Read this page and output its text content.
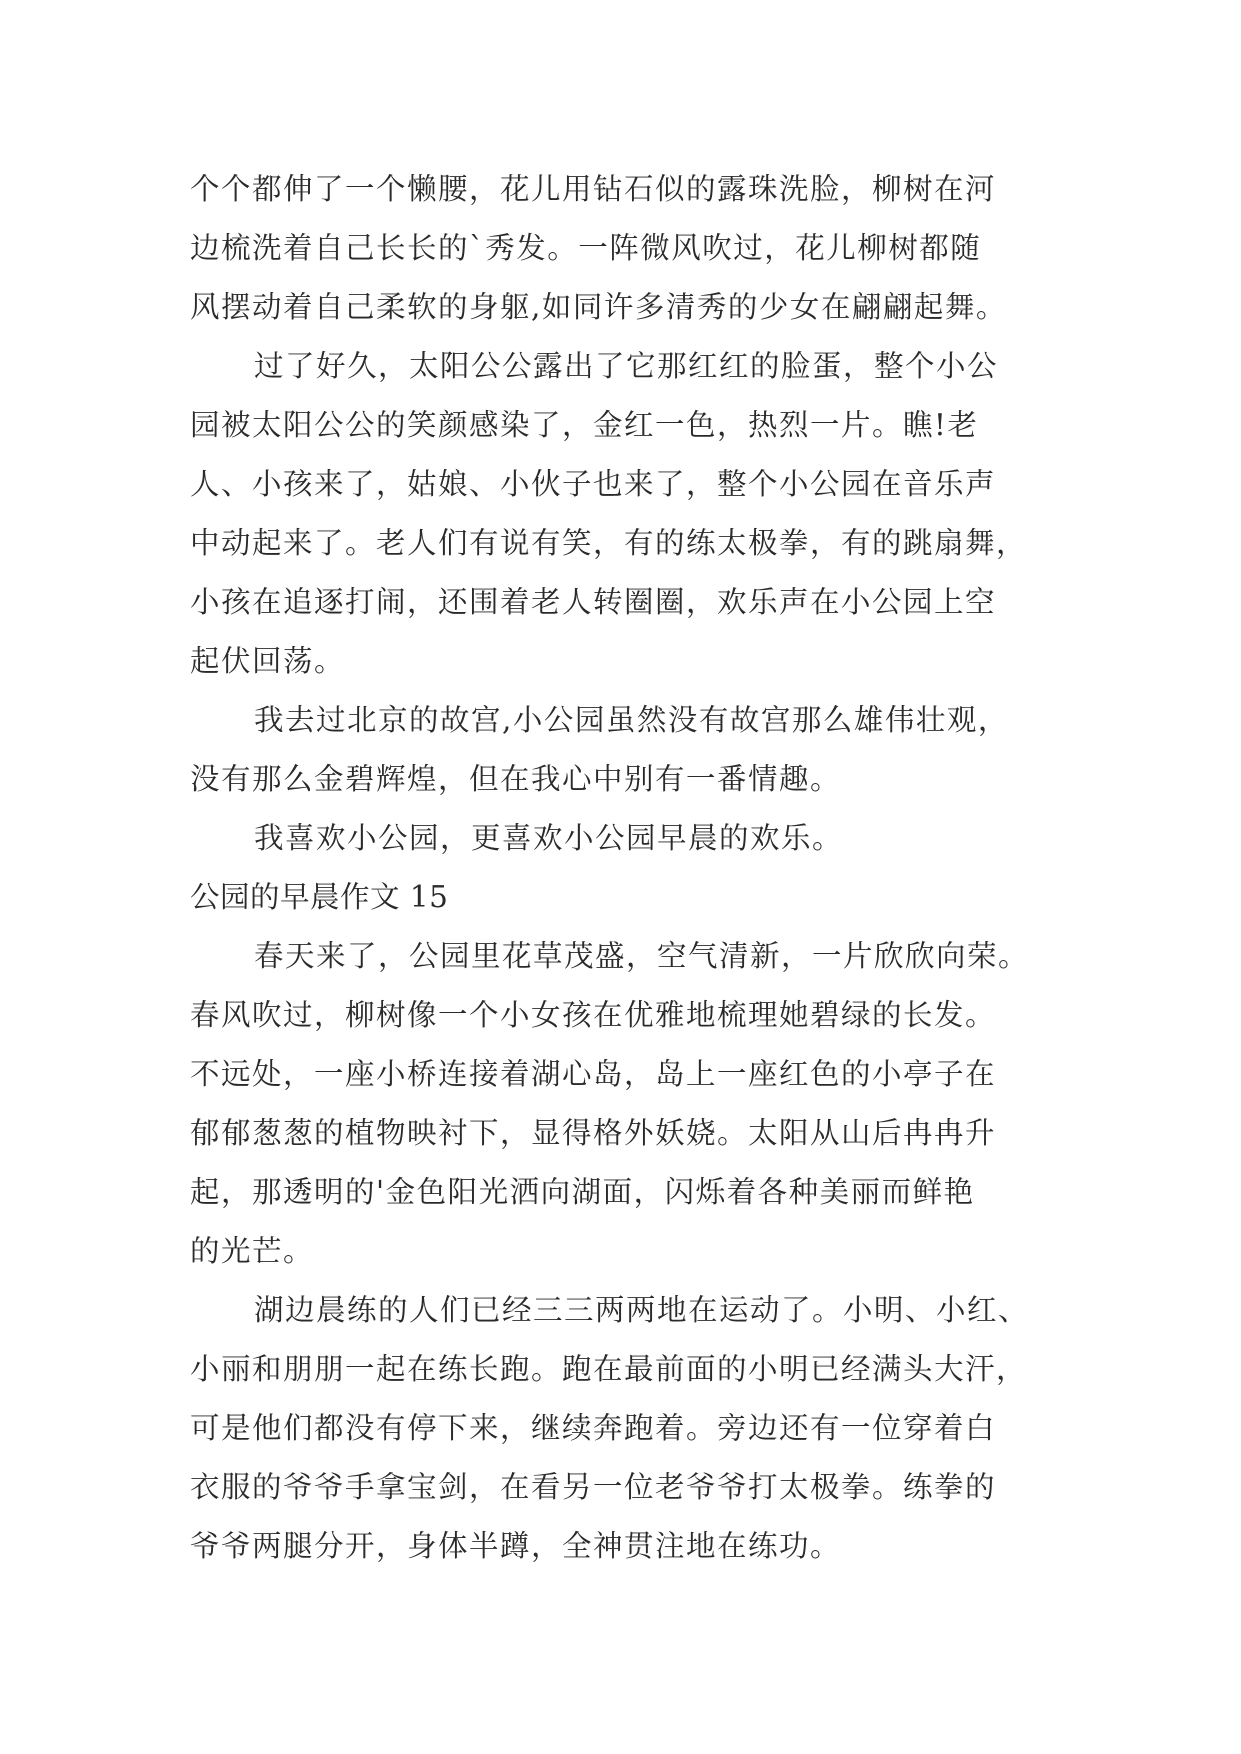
个个都伸了一个懒腰，花儿用钻石似的露珠洗脸，柳树在河
边梳洗着自己长长的`秀发。一阵微风吹过，花儿柳树都随
风摆动着自己柔软的身躯,如同许多清秀的少女在翩翩起舞。
过了好久，太阳公公露出了它那红红的脸蛋，整个小公
园被太阳公公的笑颜感染了，金红一色，热烈一片。瞧!老
人、小孩来了，姑娘、小伙子也来了，整个小公园在音乐声
中动起来了。老人们有说有笑，有的练太极拳，有的跳扇舞，
小孩在追逐打闹，还围着老人转圈圈，欢乐声在小公园上空
起伏回荡。
我去过北京的故宫,小公园虽然没有故宫那么雄伟壮观，
没有那么金碧辉煌，但在我心中别有一番情趣。
我喜欢小公园，更喜欢小公园早晨的欢乐。
公园的早晨作文 15
春天来了，公园里花草茂盛，空气清新，一片欣欣向荣。
春风吹过，柳树像一个小女孩在优雅地梳理她碧绿的长发。
不远处，一座小桥连接着湖心岛，岛上一座红色的小亭子在
郁郁葱葱的植物映衬下，显得格外妖娆。太阳从山后冉冉升
起，那透明的'金色阳光洒向湖面，闪烁着各种美丽而鲜艳
的光芒。
湖边晨练的人们已经三三两两地在运动了。小明、小红、
小丽和朋朋一起在练长跑。跑在最前面的小明已经满头大汗，
可是他们都没有停下来，继续奔跑着。旁边还有一位穿着白
衣服的爷爷手拿宝剑，在看另一位老爷爷打太极拳。练拳的
爷爷两腿分开，身体半蹲，全神贯注地在练功。
